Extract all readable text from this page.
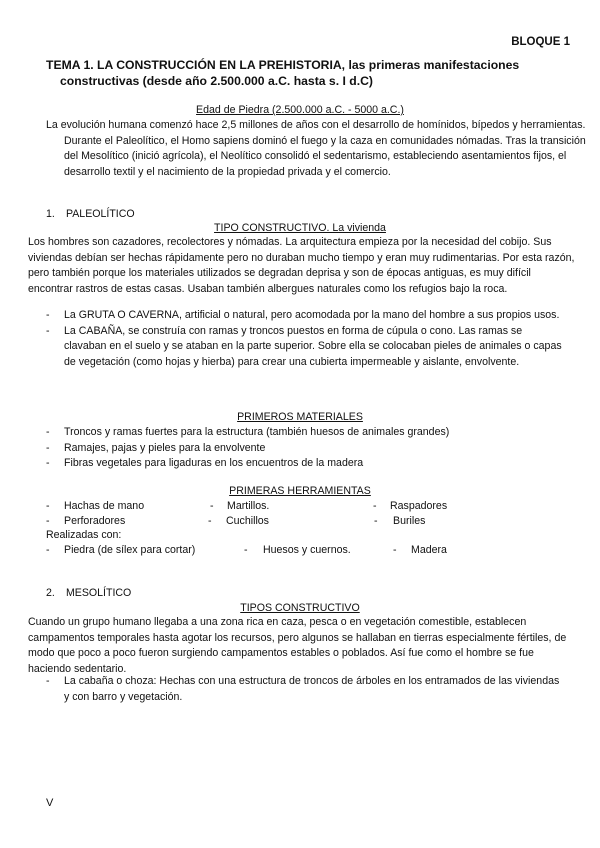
BLOQUE 1
TEMA 1. LA CONSTRUCCIÓN EN LA PREHISTORIA, las primeras manifestaciones
constructivas (desde año 2.500.000 a.C. hasta s. I d.C)
Edad de Piedra (2.500.000 a.C. - 5000 a.C.)
La evolución humana comenzó hace 2,5 millones de años con el desarrollo de homínidos, bípedos y herramientas. Durante el Paleolítico, el Homo sapiens dominó el fuego y la caza en comunidades nómadas. Tras la transición del Mesolítico (inició agrícola), el Neolítico consolidó el sedentarismo, estableciendo asentamientos fijos, el desarrollo textil y el nacimiento de la propiedad privada y el comercio.
1. PALEOLÍTICO
TIPO CONSTRUCTIVO. La vivienda
Los hombres son cazadores, recolectores y nómadas. La arquitectura empieza por la necesidad del cobijo. Sus viviendas debían ser hechas rápidamente pero no duraban mucho tiempo y eran muy rudimentarias. Por esta razón, pero también porque los materiales utilizados se degradan deprisa y son de épocas antiguas, es muy difícil encontrar rastros de estas casas. Usaban también albergues naturales como los refugios bajo la roca.
- La GRUTA O CAVERNA, artificial o natural, pero acomodada por la mano del hombre a sus propios usos.
- La CABAÑA, se construía con ramas y troncos puestos en forma de cúpula o cono. Las ramas se clavaban en el suelo y se ataban en la parte superior. Sobre ella se colocaban pieles de animales o capas de vegetación (como hojas y hierba) para crear una cubierta impermeable y aislante, envolvente.
PRIMEROS MATERIALES
- Troncos y ramas fuertes para la estructura (también huesos de animales grandes)
- Ramajes, pajas y pieles para la envolvente
- Fibras vegetales para ligaduras en los encuentros de la madera
PRIMERAS HERRAMIENTAS
- Hachas de mano	- Martillos.	- Raspadores
- Perforadores	- Cuchillos	- Buriles
Realizadas con:
- Piedra (de sílex para cortar)	- Huesos y cuernos.	- Madera
2. MESOLÍTICO
TIPOS CONSTRUCTIVO
Cuando un grupo humano llegaba a una zona rica en caza, pesca o en vegetación comestible, establecen campamentos temporales hasta agotar los recursos, pero algunos se hallaban en tierras especialmente fértiles, de modo que poco a poco fueron surgiendo campamentos estables o poblados. Así fue como el hombre se fue haciendo sedentario.
- La cabaña o choza: Hechas con una estructura de troncos de árboles en los entramados de las viviendas y con barro y vegetación.
V
